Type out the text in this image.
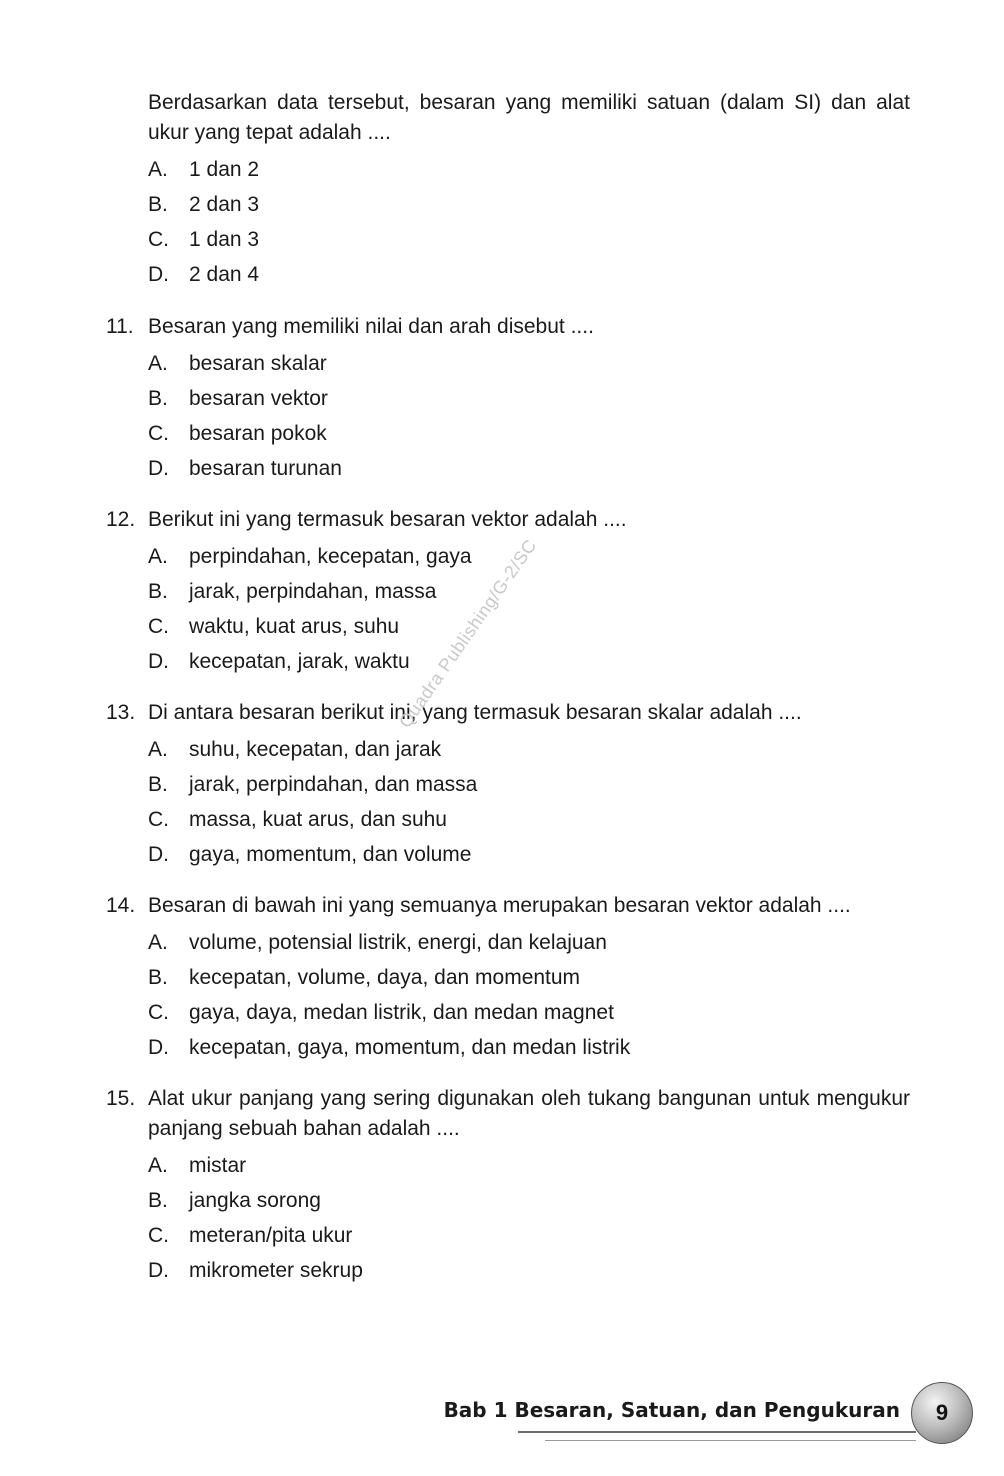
Berdasarkan data tersebut, besaran yang memiliki satuan (dalam SI) dan alat ukur yang tepat adalah ....

A. 1 dan 2
B. 2 dan 3
C. 1 dan 3
D. 2 dan 4
11. Besaran yang memiliki nilai dan arah disebut ....

A. besaran skalar
B. besaran vektor
C. besaran pokok
D. besaran turunan
12. Berikut ini yang termasuk besaran vektor adalah ....

A. perpindahan, kecepatan, gaya
B. jarak, perpindahan, massa
C. waktu, kuat arus, suhu
D. kecepatan, jarak, waktu
13. Di antara besaran berikut ini, yang termasuk besaran skalar adalah ....

A. suhu, kecepatan, dan jarak
B. jarak, perpindahan, dan massa
C. massa, kuat arus, dan suhu
D. gaya, momentum, dan volume
14. Besaran di bawah ini yang semuanya merupakan besaran vektor adalah ....

A. volume, potensial listrik, energi, dan kelajuan
B. kecepatan, volume, daya, dan momentum
C. gaya, daya, medan listrik, dan medan magnet
D. kecepatan, gaya, momentum, dan medan listrik
15. Alat ukur panjang yang sering digunakan oleh tukang bangunan untuk mengukur panjang sebuah bahan adalah ....

A. mistar
B. jangka sorong
C. meteran/pita ukur
D. mikrometer sekrup
Quadra Publishing/G-2/SC
Bab 1 Besaran, Satuan, dan Pengukuran 9
